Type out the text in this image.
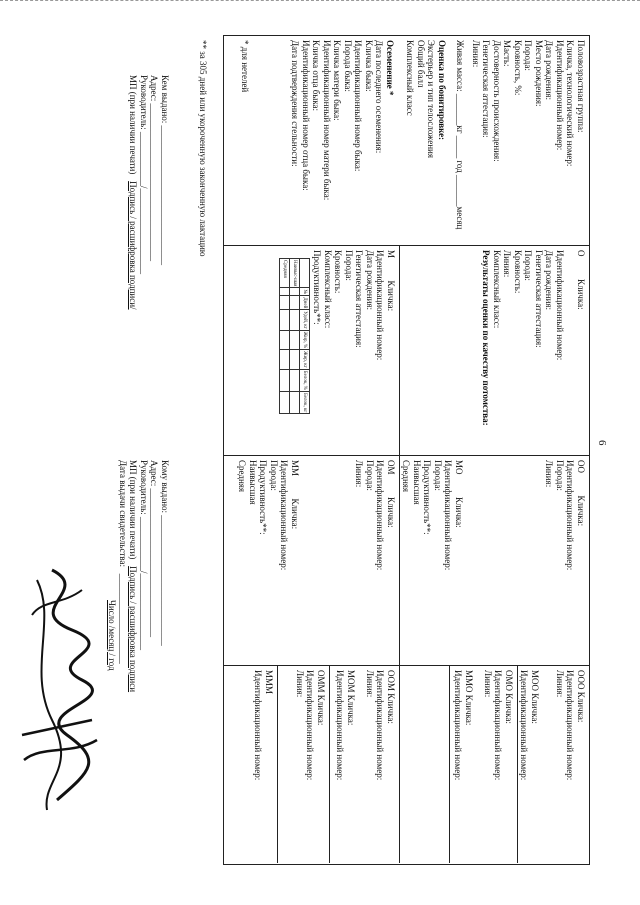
6
Половозрастная группа:
Кличка, технологический номер:
Идентификационный номер:
Дата рождения:
Место рождения:
Порода:
Кровность, %:
Масть:
Достоверность происхождения:
Генетическая аттестация:
Линия:
Живая масса: _______кг _____ год _______месяц
Оценка по бонитировке:
Экстерьер и тип телосложения
Общий балл
Комплексный класс
Осеменение *
Дата последнего осеменения:
Кличка быка:
Идентификационный номер быка:
Порода быка:
Кличка матери быка:
Идентификационный номер матери быка:
Кличка отца быка:
Идентификационный номер отца быка:
Дата подтверждения стельности:
* для нетелей
О          Кличка:
Идентификационный номер:
Дата рождения:
Генетическая аттестация:
Порода:
Кровность:
Линия:
Комплексный класс:
Результаты оценки по качеству потомства:
М          Кличка:
Идентификационный номер:
Дата рождения:
Генетическая аттестация:
Порода:
Кровность:
Комплексный класс:
Продуктивность**:
	№	Дней	Удой, кг	Жир, %	Жир, кг	Белок, %	Белок, кг
Наивыс-шая							
Средняя							
ОО          Кличка:
Идентификационный номер:
Порода:
Линия:
МО          Кличка:
Идентификационный номер:
Порода:
Продуктивность**:
Наивысшая
Средняя
ОМ          Кличка:
Идентификационный номер:
Порода:
Линия:
ММ          Кличка:
Идентификационный номер:
Порода:
Продуктивность**:
Наивысшая
Средняя
ООО Кличка:
Идентификационный номер:
Линия:
МОО Кличка:
Идентификационный номер:
ОМО Кличка:
Идентификационный номер:
Линия:
ММО Кличка:
Идентификационный номер:
ООМ Кличка:
Идентификационный номер:
Линия:
МОМ Кличка:
Идентификационный номер:
ОММ Кличка:
Идентификационный номер:
Линия:
МММ
Идентификационный номер:
** за 305 дней или укороченную законченную лактацию
Кем выдано: _______________________________
Адрес: ___________________________________
Руководитель: ____________/___________________
МП (при наличии печати)   Подпись / расшифровка подписи/
Кому выдано: _____________________________
Адрес: _________________________________
Руководитель: ____________/_________________
МП (при наличии печати)   Подпись / расшифровка подписи
Дата выдачи свидетельства:   ____________________
Число /месяц / год
